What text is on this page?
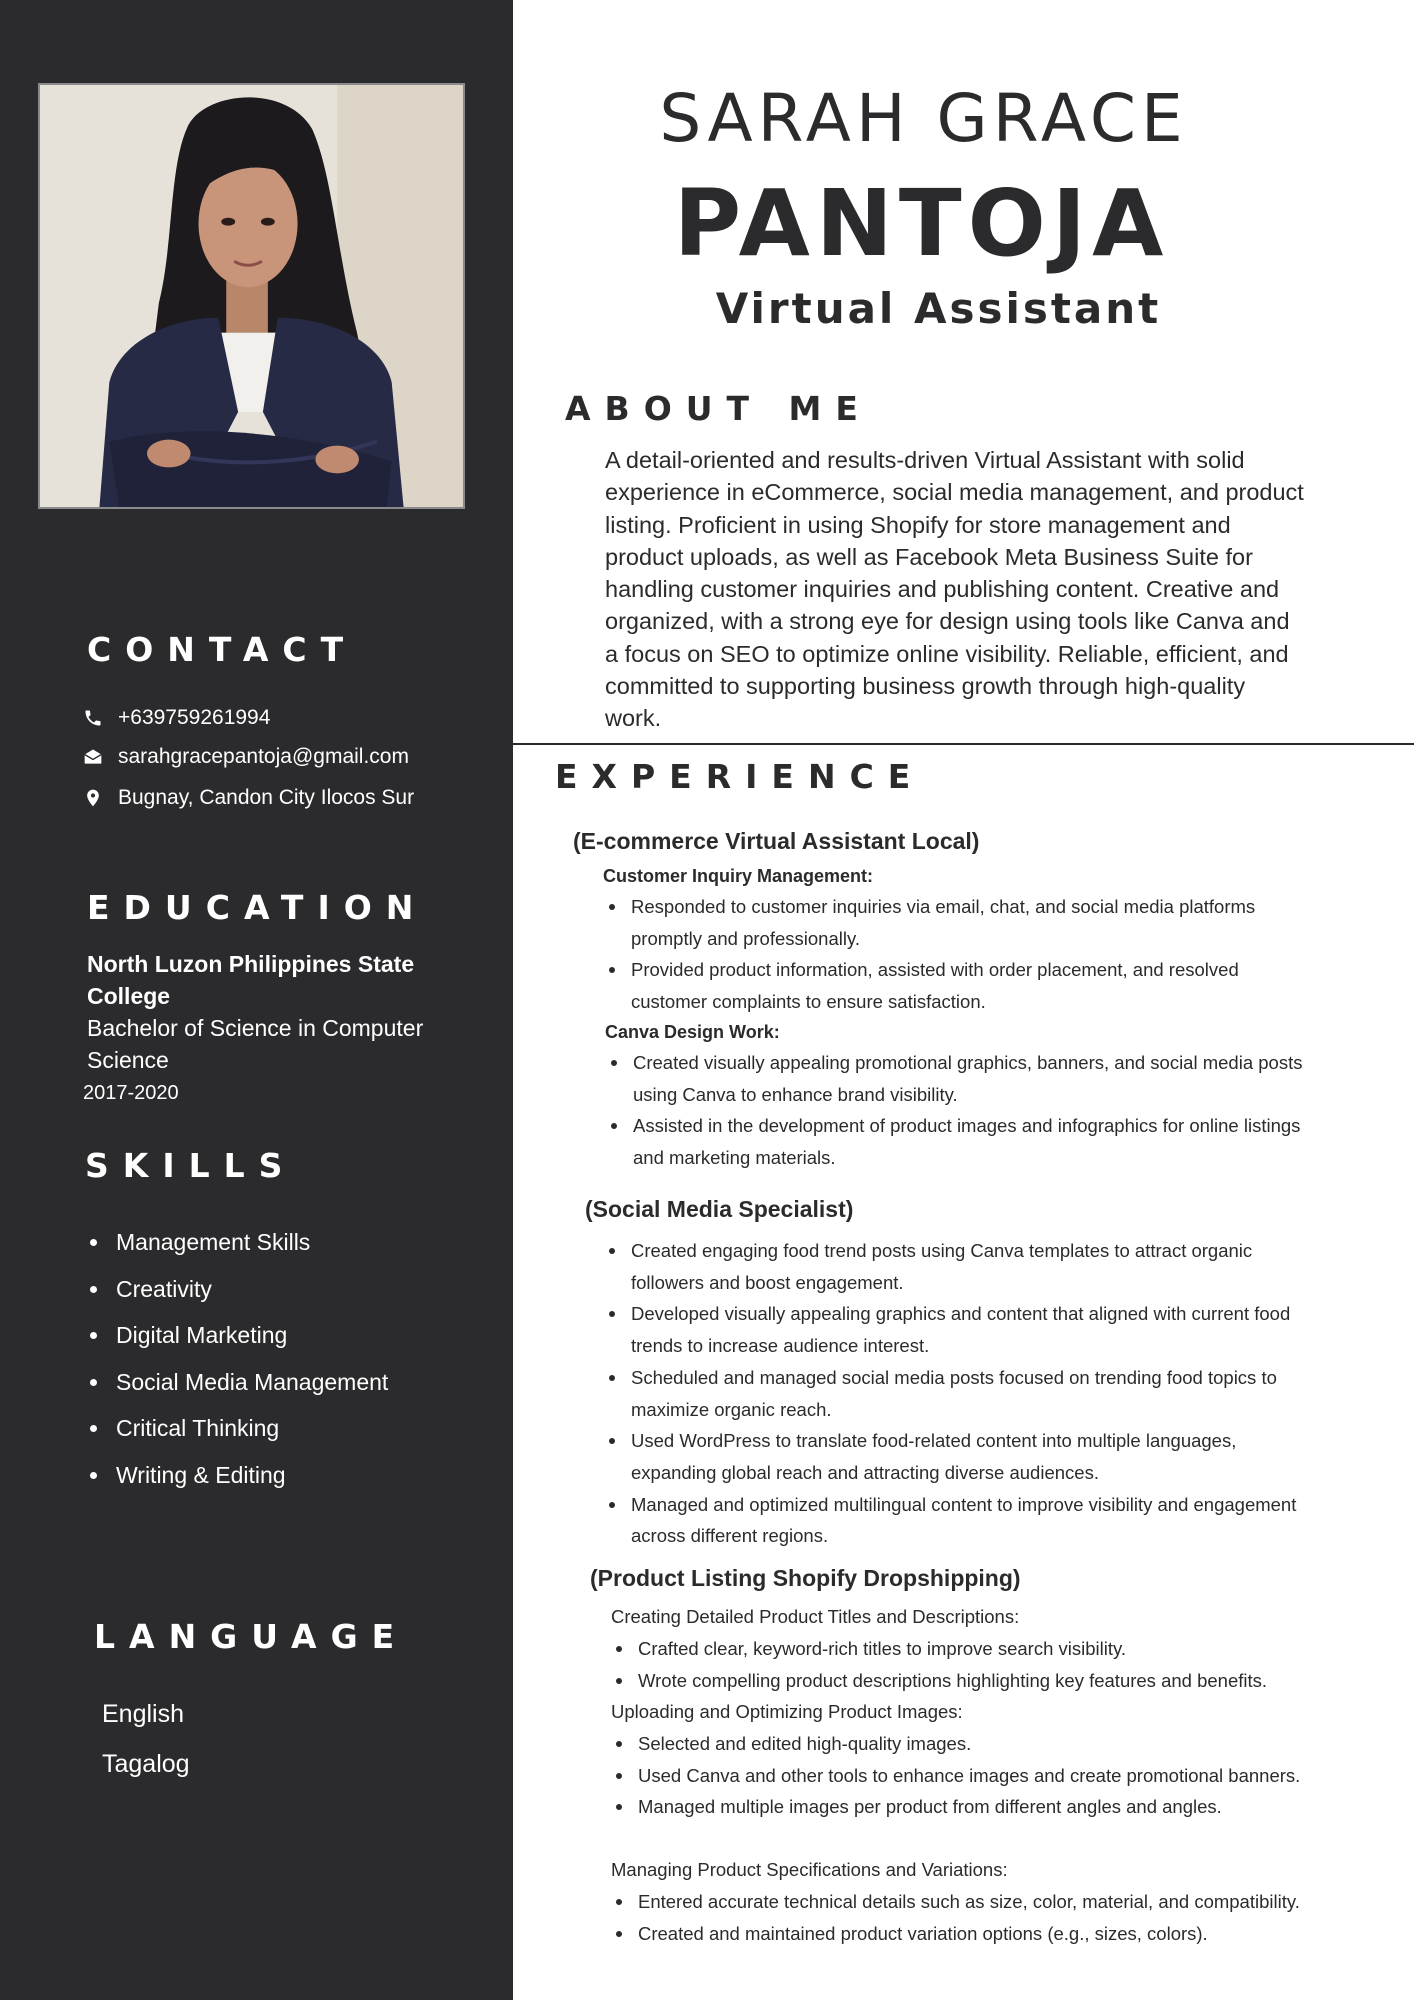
CONTACT
+639759261994
sarahgracepantoja@gmail.com
Bugnay, Candon City Ilocos Sur
EDUCATION
North Luzon Philippines State College
Bachelor of Science in Computer Science
2017-2020
SKILLS
Management Skills
Creativity
Digital Marketing
Social Media Management
Critical Thinking
Writing & Editing
LANGUAGE
English
Tagalog
SARAH GRACE
PANTOJA
Virtual Assistant
ABOUT ME
A detail-oriented and results-driven Virtual Assistant with solid experience in eCommerce, social media management, and product listing. Proficient in using Shopify for store management and product uploads, as well as Facebook Meta Business Suite for handling customer inquiries and publishing content. Creative and organized, with a strong eye for design using tools like Canva and a focus on SEO to optimize online visibility. Reliable, efficient, and committed to supporting business growth through high-quality work.
EXPERIENCE
(E-commerce Virtual Assistant Local)
Customer Inquiry Management:
Responded to customer inquiries via email, chat, and social media platforms promptly and professionally.
Provided product information, assisted with order placement, and resolved customer complaints to ensure satisfaction.
Canva Design Work:
Created visually appealing promotional graphics, banners, and social media posts using Canva to enhance brand visibility.
Assisted in the development of product images and infographics for online listings and marketing materials.
(Social Media Specialist)
Created engaging food trend posts using Canva templates to attract organic followers and boost engagement.
Developed visually appealing graphics and content that aligned with current food trends to increase audience interest.
Scheduled and managed social media posts focused on trending food topics to maximize organic reach.
Used WordPress to translate food-related content into multiple languages, expanding global reach and attracting diverse audiences.
Managed and optimized multilingual content to improve visibility and engagement across different regions.
(Product Listing Shopify Dropshipping)
Creating Detailed Product Titles and Descriptions:
Crafted clear, keyword-rich titles to improve search visibility.
Wrote compelling product descriptions highlighting key features and benefits.
Uploading and Optimizing Product Images:
Selected and edited high-quality images.
Used Canva and other tools to enhance images and create promotional banners.
Managed multiple images per product from different angles and angles.
Managing Product Specifications and Variations:
Entered accurate technical details such as size, color, material, and compatibility.
Created and maintained product variation options (e.g., sizes, colors).
